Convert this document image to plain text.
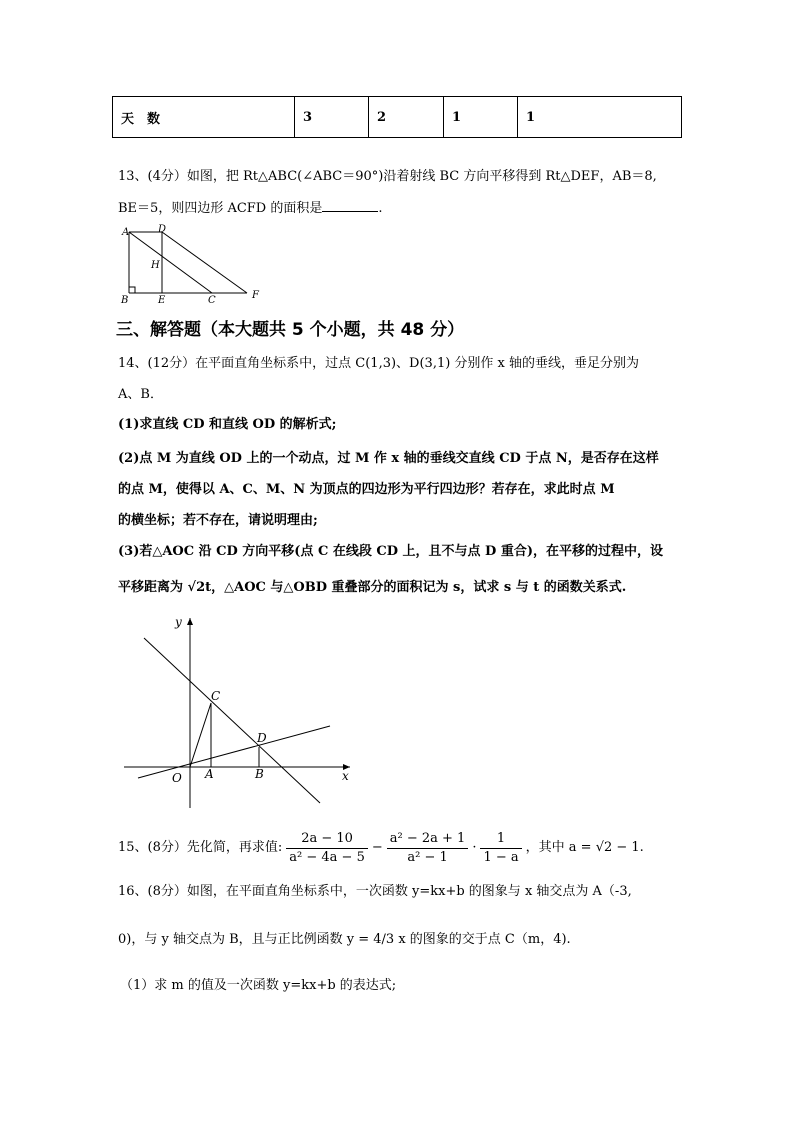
天　数	3	2	1	1
13、(4分）如图，把 Rt△ABC(∠ABC＝90°)沿着射线 BC 方向平移得到 Rt△DEF，AB＝8,
BE＝5，则四边形 ACFD 的面积是	.
A	D
H
B	E	C	F
三、解答题（本大题共 5 个小题，共 48 分）
14、(12分）在平面直角坐标系中，过点 C(1,3)、D(3,1) 分别作 x 轴的垂线，垂足分别为
A、B．
(1)求直线 CD 和直线 OD 的解析式;
(2)点 M 为直线 OD 上的一个动点，过 M 作 x 轴的垂线交直线 CD 于点 N，是否存在这样
的点 M，使得以 A、C、M、N 为顶点的四边形为平行四边形？若存在，求此时点 M
的横坐标；若不存在，请说明理由;
(3)若△AOC 沿 CD 方向平移(点 C 在线段 CD 上，且不与点 D 重合)，在平移的过程中，设
平移距离为 √2t，△AOC 与△OBD 重叠部分的面积记为 s，试求 s 与 t 的函数关系式.
y
x
O A	B
C
D
15、(8分）先化简，再求值: $\frac{2a - 10}{\text{a² − 4a − 5}} - \frac{\text{a² − 2a + 1}}{\text{a² − 1}} \cdot \frac{1}{1 - a}$ ，其中 a = √2 − 1.
16、(8分）如图，在平面直角坐标系中，一次函数 y=kx+b 的图象与 x 轴交点为 A（-3,
0)，与 y 轴交点为 B，且与正比例函数 y = 4/3 x 的图象的交于点 C（m，4).
（1）求 m 的值及一次函数 y=kx+b 的表达式;
